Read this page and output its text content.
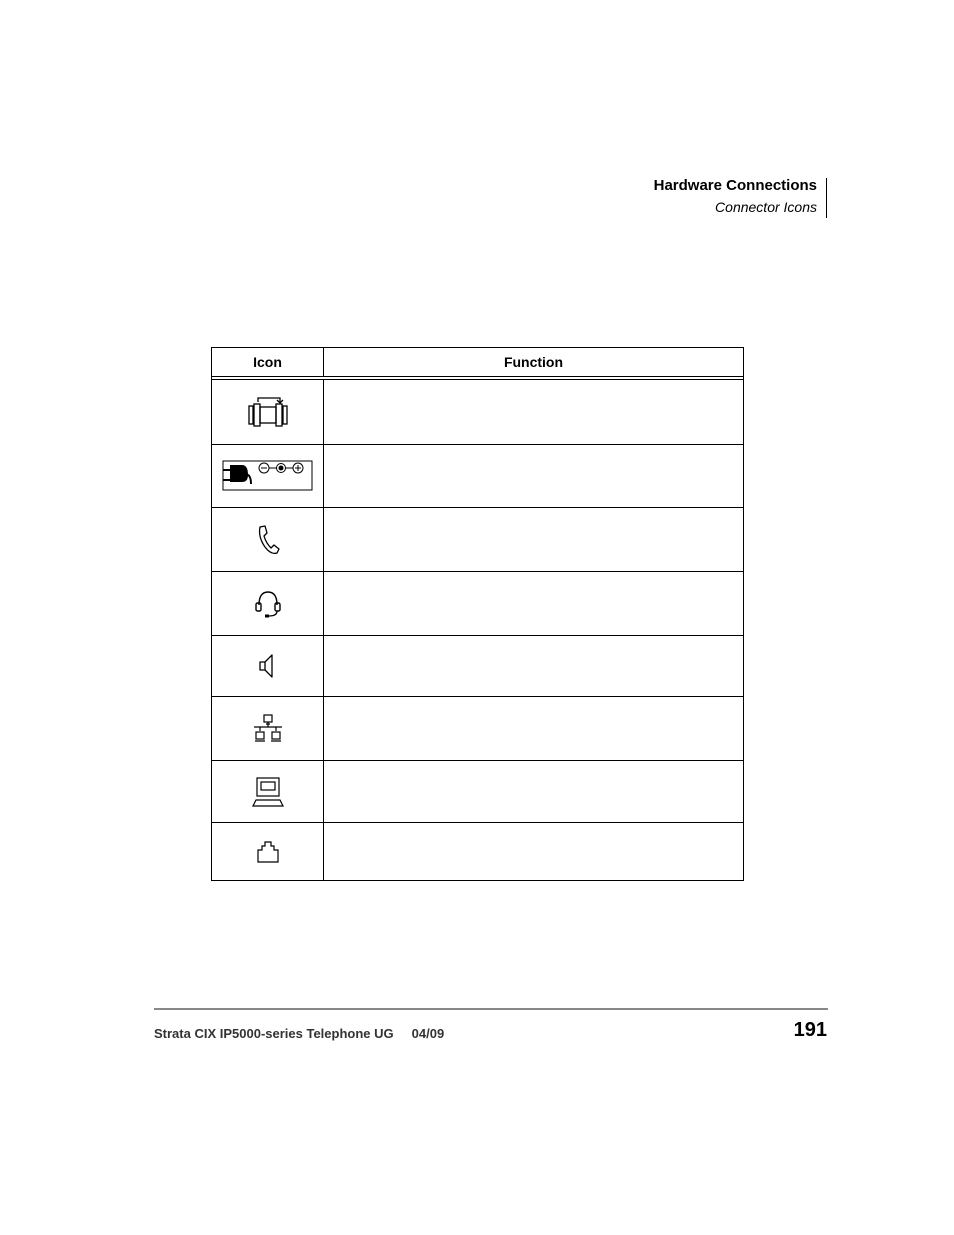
Hardware Connections
Connector Icons
Icon	Function
Strata CIX IP5000-series Telephone UG 04/09	191
